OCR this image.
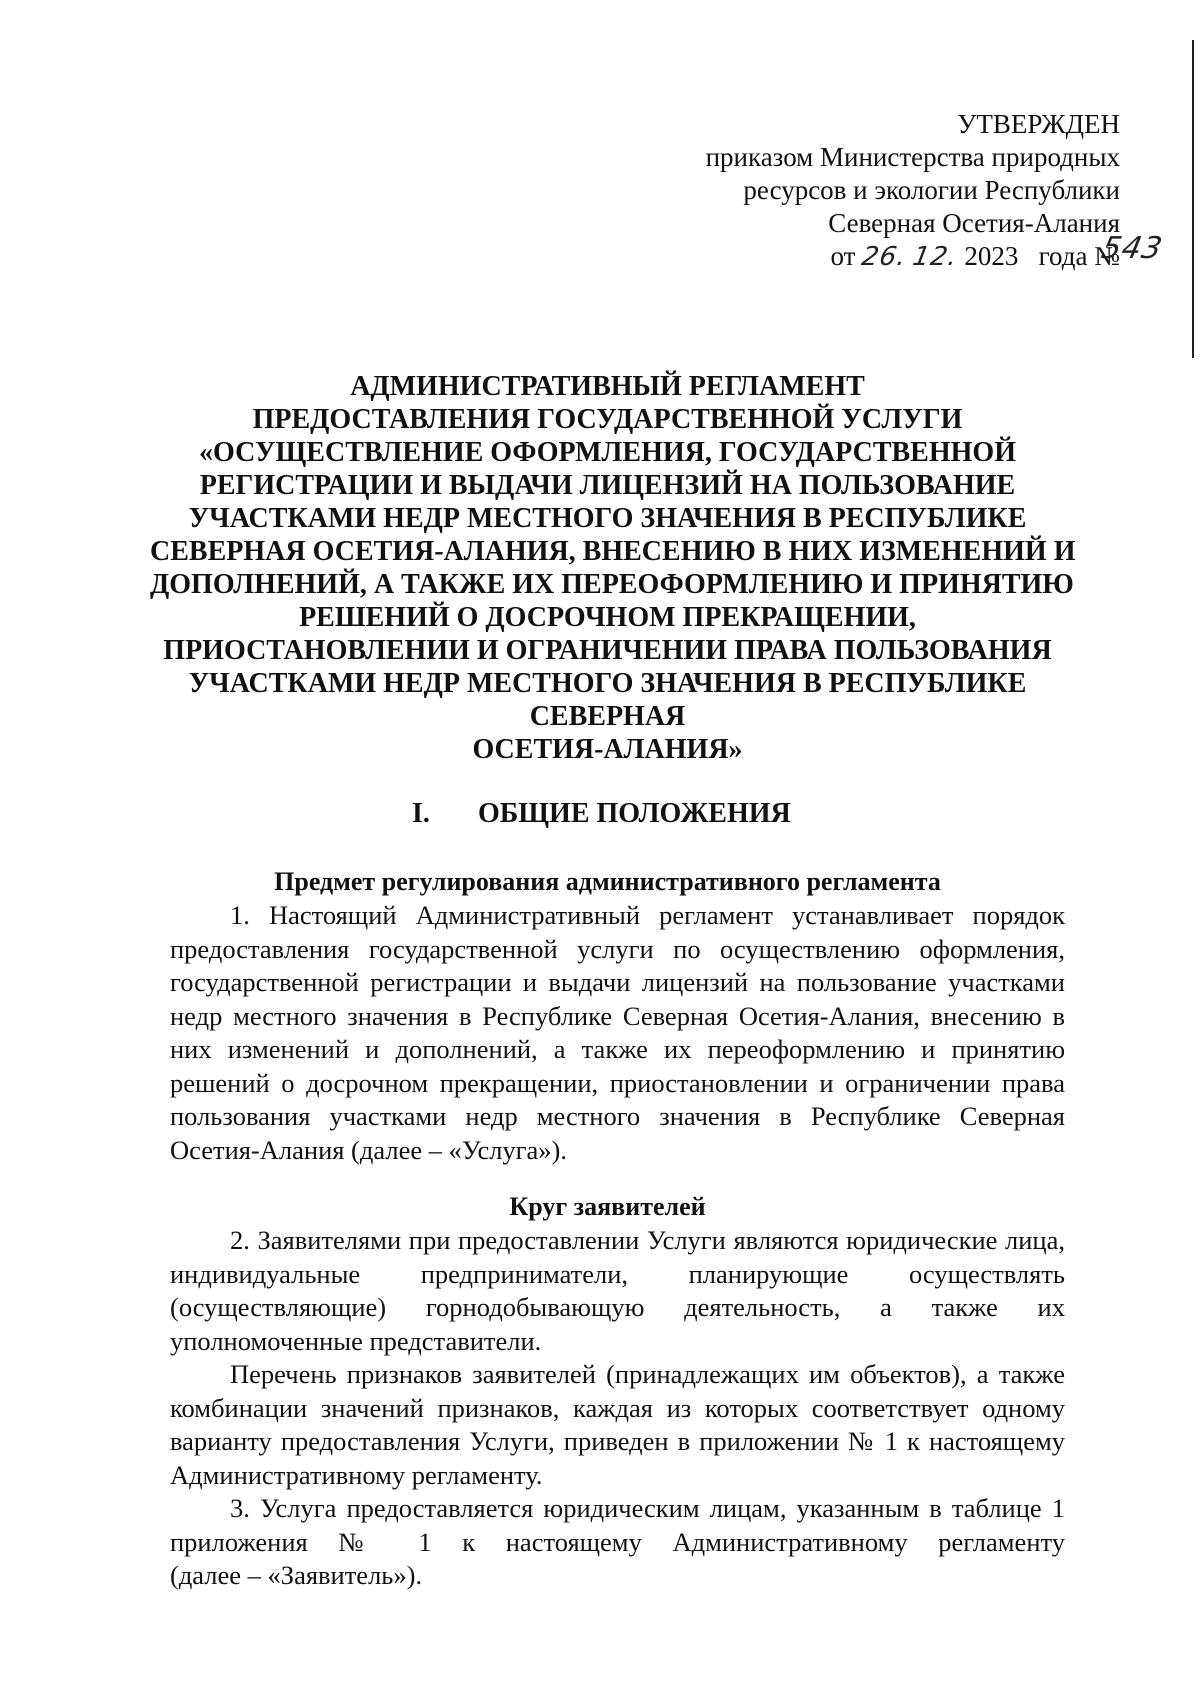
УТВЕРЖДЕН
приказом Министерства природных
ресурсов и экологии Республики
Северная Осетия-Алания
от 26. 12. 2023 года №
543
АДМИНИСТРАТИВНЫЙ РЕГЛАМЕНТ
ПРЕДОСТАВЛЕНИЯ ГОСУДАРСТВЕННОЙ УСЛУГИ
«ОСУЩЕСТВЛЕНИЕ ОФОРМЛЕНИЯ, ГОСУДАРСТВЕННОЙ
РЕГИСТРАЦИИ И ВЫДАЧИ ЛИЦЕНЗИЙ НА ПОЛЬЗОВАНИЕ
УЧАСТКАМИ НЕДР МЕСТНОГО ЗНАЧЕНИЯ В РЕСПУБЛИКЕ
СЕВЕРНАЯ ОСЕТИЯ-АЛАНИЯ, ВНЕСЕНИЮ В НИХ ИЗМЕНЕНИЙ И
ДОПОЛНЕНИЙ, А ТАКЖЕ ИХ ПЕРЕОФОРМЛЕНИЮ И ПРИНЯТИЮ
РЕШЕНИЙ О ДОСРОЧНОМ ПРЕКРАЩЕНИИ,
ПРИОСТАНОВЛЕНИИ И ОГРАНИЧЕНИИ ПРАВА ПОЛЬЗОВАНИЯ
УЧАСТКАМИ НЕДР МЕСТНОГО ЗНАЧЕНИЯ В РЕСПУБЛИКЕ
СЕВЕРНАЯ
ОСЕТИЯ-АЛАНИЯ»
I. ОБЩИЕ ПОЛОЖЕНИЯ
Предмет регулирования административного регламента
1. Настоящий Административный регламент устанавливает порядок
предоставления государственной услуги по осуществлению оформления,
государственной регистрации и выдачи лицензий на пользование участками
недр местного значения в Республике Северная Осетия-Алания, внесению в
них изменений и дополнений, а также их переоформлению и принятию
решений о досрочном прекращении, приостановлении и ограничении права
пользования участками недр местного значения в Республике Северная
Осетия-Алания (далее – «Услуга»).
Круг заявителей
2. Заявителями при предоставлении Услуги являются юридические лица,
индивидуальные предприниматели, планирующие осуществлять
(осуществляющие) горнодобывающую деятельность, а также их
уполномоченные представители.
Перечень признаков заявителей (принадлежащих им объектов), а также
комбинации значений признаков, каждая из которых соответствует одному
варианту предоставления Услуги, приведен в приложении № 1 к настоящему
Административному регламенту.
3. Услуга предоставляется юридическим лицам, указанным в таблице 1
приложения № 1 к настоящему Административному регламенту
(далее – «Заявитель»).
